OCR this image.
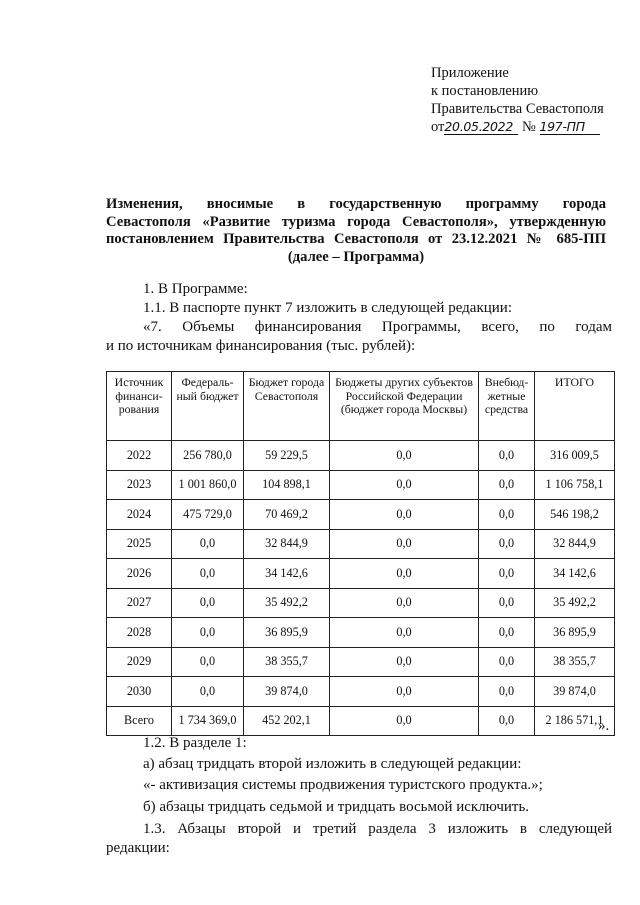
Приложение
к постановлению
Правительства Севастополя
от20.05.2022 № 197-ПП
Изменения, вносимые в государственную программу города
Севастополя «Развитие туризма города Севастополя», утвержденную
постановлением Правительства Севастополя от 23.12.2021 № 685-ПП
(далее – Программа)
1. В Программе:
1.1. В паспорте пункт 7 изложить в следующей редакции:
«7. Объемы финансирования Программы, всего, по годам
и по источникам финансирования (тыс. рублей):
Источник финанси-рования	Федераль-ный бюджет	Бюджет города Севастополя	Бюджеты других субъектов Российской Федерации (бюджет города Москвы)	Внебюд-жетные средства	ИТОГО
2022	256 780,0	59 229,5	0,0	0,0	316 009,5
2023	1 001 860,0	104 898,1	0,0	0,0	1 106 758,1
2024	475 729,0	70 469,2	0,0	0,0	546 198,2
2025	0,0	32 844,9	0,0	0,0	32 844,9
2026	0,0	34 142,6	0,0	0,0	34 142,6
2027	0,0	35 492,2	0,0	0,0	35 492,2
2028	0,0	36 895,9	0,0	0,0	36 895,9
2029	0,0	38 355,7	0,0	0,0	38 355,7
2030	0,0	39 874,0	0,0	0,0	39 874,0
Всего	1 734 369,0	452 202,1	0,0	0,0	2 186 571,1
».
1.2. В разделе 1:
а) абзац тридцать второй изложить в следующей редакции:
«- активизация системы продвижения туристского продукта.»;
б) абзацы тридцать седьмой и тридцать восьмой исключить.
1.3. Абзацы второй и третий раздела 3 изложить в следующей
редакции:
